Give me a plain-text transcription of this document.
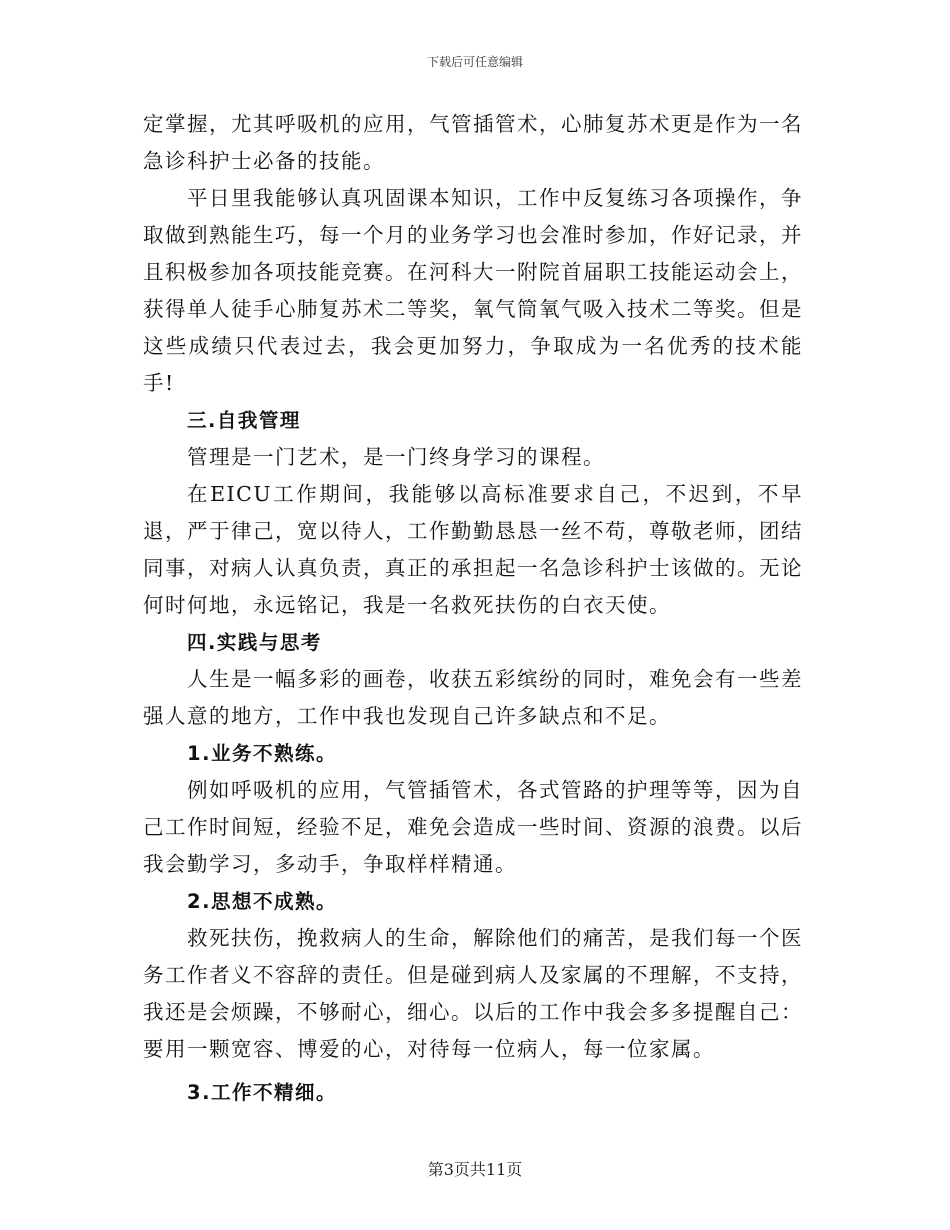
下载后可任意编辑

定掌握，尤其呼吸机的应用，气管插管术，心肺复苏术更是作为一名急诊科护士必备的技能。

平日里我能够认真巩固课本知识，工作中反复练习各项操作，争取做到熟能生巧，每一个月的业务学习也会准时参加，作好记录，并且积极参加各项技能竞赛。在河科大一附院首届职工技能运动会上，获得单人徒手心肺复苏术二等奖，氧气筒氧气吸入技术二等奖。但是这些成绩只代表过去，我会更加努力，争取成为一名优秀的技术能手!

三.自我管理

管理是一门艺术，是一门终身学习的课程。

在EICU工作期间，我能够以高标准要求自己，不迟到，不早退，严于律己，宽以待人，工作勤勤恳恳一丝不苟，尊敬老师，团结同事，对病人认真负责，真正的承担起一名急诊科护士该做的。无论何时何地，永远铭记，我是一名救死扶伤的白衣天使。

四.实践与思考

人生是一幅多彩的画卷，收获五彩缤纷的同时，难免会有一些差强人意的地方，工作中我也发现自己许多缺点和不足。

1.业务不熟练。

例如呼吸机的应用，气管插管术，各式管路的护理等等，因为自己工作时间短，经验不足，难免会造成一些时间、资源的浪费。以后我会勤学习，多动手，争取样样精通。

2.思想不成熟。

救死扶伤，挽救病人的生命，解除他们的痛苦，是我们每一个医务工作者义不容辞的责任。但是碰到病人及家属的不理解，不支持，我还是会烦躁，不够耐心，细心。以后的工作中我会多多提醒自己：要用一颗宽容、博爱的心，对待每一位病人，每一位家属。

3.工作不精细。

第3页共11页
